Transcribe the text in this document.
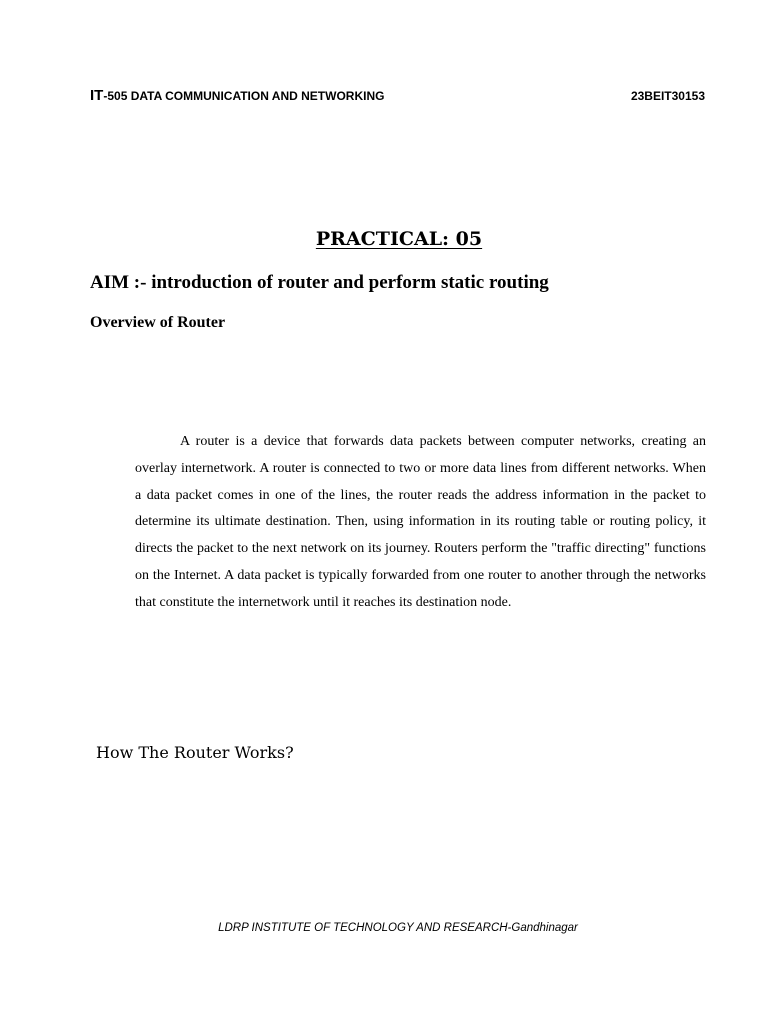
IT-505 DATA COMMUNICATION AND NETWORKING	23BEIT30153
PRACTICAL: 05
AIM :- introduction of router and perform static routing
Overview of Router

A router is a device that forwards data packets between computer networks, creating an overlay internetwork. A router is connected to two or more data lines from different networks. When a data packet comes in one of the lines, the router reads the address information in the packet to determine its ultimate destination. Then, using information in its routing table or routing policy, it directs the packet to the next network on its journey. Routers perform the "traffic directing" functions on the Internet. A data packet is typically forwarded from one router to another through the networks that constitute the internetwork until it reaches its destination node.

How The Router Works?
LDRP INSTITUTE OF TECHNOLOGY AND RESEARCH-Gandhinagar
